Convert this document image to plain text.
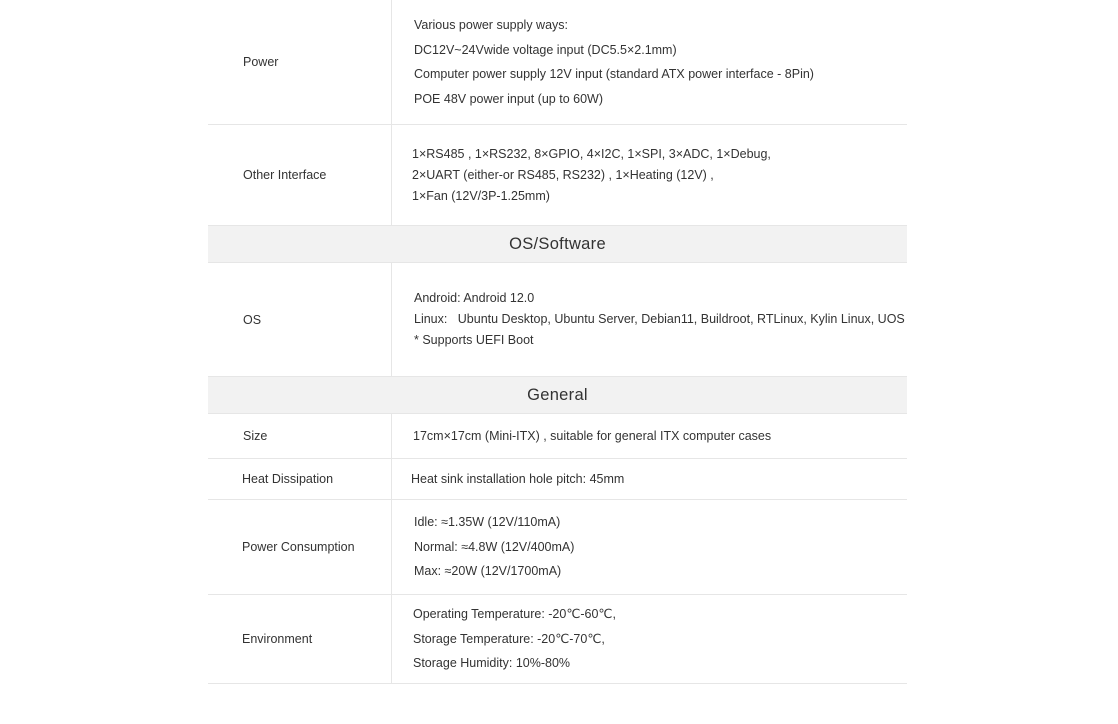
Power
Various power supply ways:
DC12V~24Vwide voltage input (DC5.5×2.1mm)
Computer power supply 12V input (standard ATX power interface - 8Pin)
POE 48V power input (up to 60W)
Other Interface
1×RS485 , 1×RS232, 8×GPIO, 4×I2C, 1×SPI, 3×ADC, 1×Debug,
2×UART (either-or RS485, RS232) , 1×Heating (12V) ,
1×Fan (12V/3P-1.25mm)
OS/Software
OS
Android: Android 12.0
Linux:   Ubuntu Desktop, Ubuntu Server, Debian11, Buildroot, RTLinux, Kylin Linux, UOS
* Supports UEFI Boot
General
Size	17cm×17cm (Mini-ITX) , suitable for general ITX computer cases
Heat Dissipation	Heat sink installation hole pitch: 45mm
Power Consumption
Idle: ≈1.35W (12V/110mA)
Normal: ≈4.8W (12V/400mA)
Max: ≈20W (12V/1700mA)
Environment
Operating Temperature: -20℃-60℃,
Storage Temperature: -20℃-70℃,
Storage Humidity: 10%-80%
